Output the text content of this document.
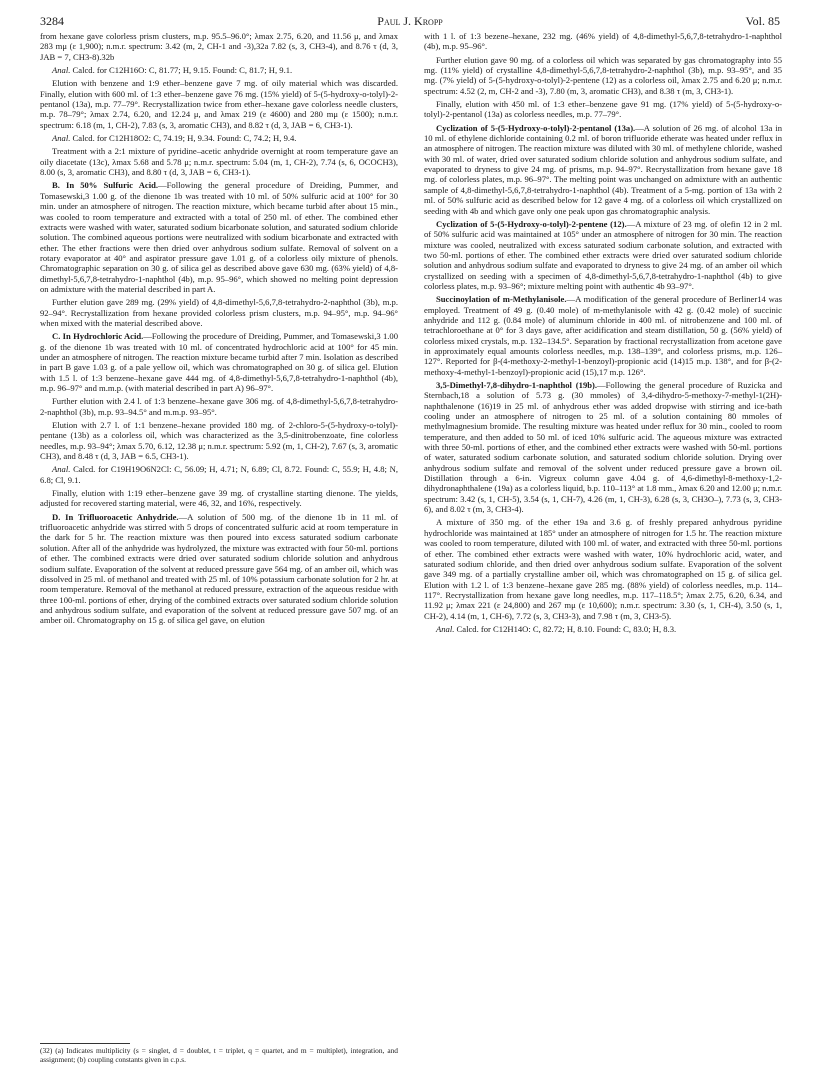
3284	Paul J. Kropp	Vol. 85

from hexane gave colorless prism clusters, m.p. 95.5–96.0°; λmax 2.75, 6.20, and 11.56 μ, and λmax 283 mμ (ε 1,900); n.m.r. spectrum: 3.42 (m, 2, CH-1 and -3),32a 7.82 (s, 3, CH3-4), and 8.76 τ (d, 3, JAB = 7, CH3-8).32b

Anal. Calcd. for C12H16O: C, 81.77; H, 9.15. Found: C, 81.7; H, 9.1.

Elution with benzene and 1:9 ether–benzene gave 7 mg. of oily material which was discarded. Finally, elution with 600 ml. of 1:3 ether–benzene gave 76 mg. (15% yield) of 5-(5-hydroxy-o-tolyl)-2-pentanol (13a), m.p. 77–79°. Recrystallization twice from ether–hexane gave colorless needle clusters, m.p. 78–79°; λmax 2.74, 6.20, and 12.24 μ, and λmax 219 (ε 4600) and 280 mμ (ε 1500); n.m.r. spectrum: 6.18 (m, 1, CH-2), 7.83 (s, 3, aromatic CH3), and 8.82 τ (d, 3, JAB = 6, CH3-1).

Anal. Calcd. for C12H18O2: C, 74.19; H, 9.34. Found: C, 74.2; H, 9.4.

Treatment with a 2:1 mixture of pyridine–acetic anhydride overnight at room temperature gave an oily diacetate (13c), λmax 5.68 and 5.78 μ; n.m.r. spectrum: 5.04 (m, 1, CH-2), 7.74 (s, 6, OCOCH3), 8.00 (s, 3, aromatic CH3), and 8.80 τ (d, 3, JAB = 6, CH3-1).

B. In 50% Sulfuric Acid.—Following the general procedure of Dreiding, Pummer, and Tomasewski,3 1.00 g. of the dienone 1b was treated with 10 ml. of 50% sulfuric acid at 100° for 30 min. under an atmosphere of nitrogen. The reaction mixture, which became turbid after about 15 min., was cooled to room temperature and extracted with a total of 250 ml. of ether. The combined ether extracts were washed with water, saturated sodium bicarbonate solution, and saturated sodium chloride solution. The combined aqueous portions were neutralized with sodium bicarbonate and extracted with ether. The ether fractions were then dried over anhydrous sodium sulfate. Removal of solvent on a rotary evaporator at 40° and aspirator pressure gave 1.01 g. of a colorless oily mixture of phenols. Chromatographic separation on 30 g. of silica gel as described above gave 630 mg. (63% yield) of 4,8-dimethyl-5,6,7,8-tetrahydro-1-naphthol (4b), m.p. 95–96°, which showed no melting point depression on admixture with the material described in part A.

Further elution gave 289 mg. (29% yield) of 4,8-dimethyl-5,6,7,8-tetrahydro-2-naphthol (3b), m.p. 92–94°. Recrystallization from hexane provided colorless prism clusters, m.p. 94–95°, m.p. 94–96° when mixed with the material described above.

C. In Hydrochloric Acid.—Following the procedure of Dreiding, Pummer, and Tomasewski,3 1.00 g. of the dienone 1b was treated with 10 ml. of concentrated hydrochloric acid at 100° for 45 min. under an atmosphere of nitrogen. The reaction mixture became turbid after 7 min. Isolation as described in part B gave 1.03 g. of a pale yellow oil, which was chromatographed on 30 g. of silica gel. Elution with 1.5 l. of 1:3 benzene–hexane gave 444 mg. of 4,8-dimethyl-5,6,7,8-tetrahydro-1-naphthol (4b), m.p. 96–97° and m.m.p. (with material described in part A) 96–97°.

Further elution with 2.4 l. of 1:3 benzene–hexane gave 306 mg. of 4,8-dimethyl-5,6,7,8-tetrahydro-2-naphthol (3b), m.p. 93–94.5° and m.m.p. 93–95°.

Elution with 2.7 l. of 1:1 benzene–hexane provided 180 mg. of 2-chloro-5-(5-hydroxy-o-tolyl)-pentane (13b) as a colorless oil, which was characterized as the 3,5-dinitrobenzoate, fine colorless needles, m.p. 93–94°; λmax 5.70, 6.12, 12.38 μ; n.m.r. spectrum: 5.92 (m, 1, CH-2), 7.67 (s, 3, aromatic CH3), and 8.48 τ (d, 3, JAB = 6.5, CH3-1).

Anal. Calcd. for C19H19O6N2Cl: C, 56.09; H, 4.71; N, 6.89; Cl, 8.72. Found: C, 55.9; H, 4.8; N, 6.8; Cl, 9.1.

Finally, elution with 1:19 ether–benzene gave 39 mg. of crystalline starting dienone. The yields, adjusted for recovered starting material, were 46, 32, and 16%, respectively.

D. In Trifluoroacetic Anhydride.—A solution of 500 mg. of the dienone 1b in 11 ml. of trifluoroacetic anhydride was stirred with 5 drops of concentrated sulfuric acid at room temperature in the dark for 5 hr. The reaction mixture was then poured into excess saturated sodium carbonate solution. After all of the anhydride was hydrolyzed, the mixture was extracted with four 50-ml. portions of ether. The combined extracts were dried over saturated sodium chloride solution and anhydrous sodium sulfate. Evaporation of the solvent at reduced pressure gave 564 mg. of an amber oil, which was dissolved in 25 ml. of methanol and treated with 25 ml. of 10% potassium carbonate solution for 2 hr. at room temperature. Removal of the methanol at reduced pressure, extraction of the aqueous residue with three 100-ml. portions of ether, drying of the combined extracts over saturated sodium chloride solution and anhydrous sodium sulfate, and evaporation of the solvent at reduced pressure gave 507 mg. of an amber oil. Chromatography on 15 g. of silica gel gave, on elution

with 1 l. of 1:3 bezene–hexane, 232 mg. (46% yield) of 4,8-dimethyl-5,6,7,8-tetrahydro-1-naphthol (4b), m.p. 95–96°.

Further elution gave 90 mg. of a colorless oil which was separated by gas chromatography into 55 mg. (11% yield) of crystalline 4,8-dimethyl-5,6,7,8-tetrahydro-2-naphthol (3b), m.p. 93–95°, and 35 mg. (7% yield) of 5-(5-hydroxy-o-tolyl)-2-pentene (12) as a colorless oil, λmax 2.75 and 6.20 μ; n.m.r. spectrum: 4.52 (2, m, CH-2 and -3), 7.80 (m, 3, aromatic CH3), and 8.38 τ (m, 3, CH3-1).

Finally, elution with 450 ml. of 1:3 ether–benzene gave 91 mg. (17% yield) of 5-(5-hydroxy-o-tolyl)-2-pentanol (13a) as colorless needles, m.p. 77–79°.

Cyclization of 5-(5-Hydroxy-o-tolyl)-2-pentanol (13a).—A solution of 26 mg. of alcohol 13a in 10 ml. of ethylene dichloride containing 0.2 ml. of boron trifluoride etherate was heated under reflux in an atmosphere of nitrogen. The reaction mixture was diluted with 30 ml. of methylene chloride, washed with 30 ml. of water, dried over saturated sodium chloride solution and anhydrous sodium sulfate, and evaporated to dryness to give 24 mg. of prisms, m.p. 94–97°. Recrystallization from hexane gave 18 mg. of colorless plates, m.p. 96–97°. The melting point was unchanged on admixture with an authentic sample of 4,8-dimethyl-5,6,7,8-tetrahydro-1-naphthol (4b). Treatment of a 5-mg. portion of 13a with 2 ml. of 50% sulfuric acid as described below for 12 gave 4 mg. of a colorless oil which crystallized on seeding with 4b and which gave only one peak upon gas chromatographic analysis.

Cyclization of 5-(5-Hydroxy-o-tolyl)-2-pentene (12).—A mixture of 23 mg. of olefin 12 in 2 ml. of 50% sulfuric acid was maintained at 105° under an atmosphere of nitrogen for 30 min. The reaction mixture was cooled, neutralized with excess saturated sodium carbonate solution, and extracted with two 50-ml. portions of ether. The combined ether extracts were dried over saturated sodium chloride solution and anhydrous sodium sulfate and evaporated to dryness to give 24 mg. of an amber oil which crystallized on seeding with a specimen of 4,8-dimethyl-5,6,7,8-tetrahydro-1-naphthol (4b) to give colorless plates, m.p. 93–96°; mixture melting point with authentic 4b 93–97°.

Succinoylation of m-Methylanisole.—A modification of the general procedure of Berliner14 was employed. Treatment of 49 g. (0.40 mole) of m-methylanisole with 42 g. (0.42 mole) of succinic anhydride and 112 g. (0.84 mole) of aluminum chloride in 400 ml. of nitrobenzene and 100 ml. of tetrachloroethane at 0° for 3 days gave, after acidification and steam distillation, 50 g. (56% yield) of colorless mixed crystals, m.p. 132–134.5°. Separation by fractional recrystallization from acetone gave in approximately equal amounts colorless needles, m.p. 138–139°, and colorless prisms, m.p. 126–127°. Reported for β-(4-methoxy-2-methyl-1-benzoyl)-propionic acid (14)15 m.p. 138°, and for β-(2-methoxy-4-methyl-1-benzoyl)-propionic acid (15),17 m.p. 126°.

3,5-Dimethyl-7,8-dihydro-1-naphthol (19b).—Following the general procedure of Ruzicka and Sternbach,18 a solution of 5.73 g. (30 mmoles) of 3,4-dihydro-5-methoxy-7-methyl-1(2H)-naphthalenone (16)19 in 25 ml. of anhydrous ether was added dropwise with stirring and ice-bath cooling under an atmosphere of nitrogen to 25 ml. of a solution containing 80 mmoles of methylmagnesium bromide. The resulting mixture was heated under reflux for 30 min., cooled to room temperature, and then added to 50 ml. of iced 10% sulfuric acid. The aqueous mixture was extracted with three 50-ml. portions of ether, and the combined ether extracts were washed with 50-ml. portions of water, saturated sodium carbonate solution, and saturated sodium chloride solution. Drying over anhydrous sodium sulfate and removal of the solvent under reduced pressure gave a brown oil. Distillation through a 6-in. Vigreux column gave 4.04 g. of 4,6-dimethyl-8-methoxy-1,2-dihydronaphthalene (19a) as a colorless liquid, b.p. 110–113° at 1.8 mm., λmax 6.20 and 12.00 μ; n.m.r. spectrum: 3.42 (s, 1, CH-5), 3.54 (s, 1, CH-7), 4.26 (m, 1, CH-3), 6.28 (s, 3, CH3O–), 7.73 (s, 3, CH3-6), and 8.02 τ (m, 3, CH3-4).

A mixture of 350 mg. of the ether 19a and 3.6 g. of freshly prepared anhydrous pyridine hydrochloride was maintained at 185° under an atmosphere of nitrogen for 1.5 hr. The reaction mixture was cooled to room temperature, diluted with 100 ml. of water, and extracted with three 50-ml. portions of ether. The combined ether extracts were washed with water, 10% hydrochloric acid, water, and saturated sodium chloride, and then dried over anhydrous sodium sulfate. Evaporation of the solvent gave 349 mg. of a partially crystalline amber oil, which was chromatographed on 15 g. of silica gel. Elution with 1.2 l. of 1:3 benzene–hexane gave 285 mg. (88% yield) of colorless needles, m.p. 114–117°. Recrystallization from hexane gave long needles, m.p. 117–118.5°; λmax 2.75, 6.20, 6.34, and 11.92 μ; λmax 221 (ε 24,800) and 267 mμ (ε 10,600); n.m.r. spectrum: 3.30 (s, 1, CH-4), 3.50 (s, 1, CH-2), 4.14 (m, 1, CH-6), 7.72 (s, 3, CH3-3), and 7.98 τ (m, 3, CH3-5).

Anal. Calcd. for C12H14O: C, 82.72; H, 8.10. Found: C, 83.0; H, 8.3.

(32) (a) Indicates multiplicity (s = singlet, d = doublet, t = triplet, q = quartet, and m = multiplet), integration, and assignment; (b) coupling constants given in c.p.s.
